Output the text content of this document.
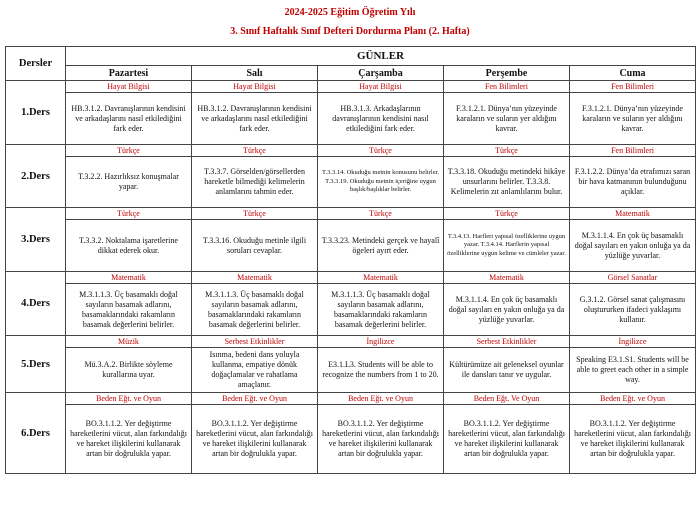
2024-2025 Eğitim Öğretim Yılı
3. Sınıf Haftalık Sınıf Defteri Dordurma Planı (2. Hafta)
Dersler	GÜNLER				
	Pazartesi	Salı	Çarşamba	Perşembe	Cuma
1.Ders	Hayat Bilgisi	Hayat Bilgisi	Hayat Bilgisi	Fen Bilimleri	Fen Bilimleri
	HB.3.1.2. Davranışlarının kendisini ve arkadaşlarını nasıl etkilediğini fark eder.	HB.3.1.2. Davranışlarının kendisini ve arkadaşlarını nasıl etkilediğini fark eder.	HB.3.1.3. Arkadaşlarının davranışlarının kendisini nasıl etkilediğini fark eder.	F.3.1.2.1. Dünya’nın yüzeyinde karaların ve suların yer aldığını kavrar.	F.3.1.2.1. Dünya’nın yüzeyinde karaların ve suların yer aldığını kavrar.
2.Ders	Türkçe	Türkçe	Türkçe	Türkçe	Fen Bilimleri
	T.3.2.2. Hazırlıksız konuşmalar yapar.	T.3.3.7. Görselden/görsellerden hareketle bilmediği kelimelerin anlamlarını tahmin eder.	T.3.3.14. Okuduğu metnin konusunu belirler. T.3.3.19. Okuduğu metnin içeriğine uygun başlık/başlıklar belirler.	T.3.3.18. Okuduğu metindeki hikâye unsurlarını belirler. T.3.3.8. Kelimelerin zıt anlamlılarını bulur.	F.3.1.2.2. Dünya’da etrafımızı saran bir hava katmanının bulunduğunu açıklar.
3.Ders	Türkçe	Türkçe	Türkçe	Türkçe	Matematik
	T.3.3.2. Noktalama işaretlerine dikkat ederek okur.	T.3.3.16. Okuduğu metinle ilgili soruları cevaplar.	T.3.3.23. Metindeki gerçek ve hayalî ögeleri ayırt eder.	T.3.4.13. Harfleri yapısal özelliklerine uygun yazar. T.3.4.14. Harflerin yapısal özelliklerine uygun kelime ve cümleler yazar.	M.3.1.1.4. En çok üç basamaklı doğal sayıları en yakın onluğa ya da yüzlüğe yuvarlar.
4.Ders	Matematik	Matematik	Matematik	Matematik	Görsel Sanatlar
	M.3.1.1.3. Üç basamaklı doğal sayıların basamak adlarını, basamaklarındaki rakamların basamak değerlerini belirler.	M.3.1.1.3. Üç basamaklı doğal sayıların basamak adlarını, basamaklarındaki rakamların basamak değerlerini belirler.	M.3.1.1.3. Üç basamaklı doğal sayıların basamak adlarını, basamaklarındaki rakamların basamak değerlerini belirler.	M.3.1.1.4. En çok üç basamaklı doğal sayıları en yakın onluğa ya da yüzlüğe yuvarlar.	G.3.1.2. Görsel sanat çalışmasını oluştururken ifadeci yaklaşımı kullanır.
5.Ders	Müzik	Serbest Etkinlikler	İngilizce	Serbest Etkinlikler	İngilizce
	Mü.3.A.2. Birlikte söyleme kurallarına uyar.	Isınma, bedeni dans yoluyla kullanma, empatiye dönük doğaçlamalar ve rahatlama amaçlanır.	E3.1.L3. Students will be able to recognize the numbers from 1 to 20.	Kültürümüze ait geleneksel oyunlar ile dansları tanır ve uygular.	Speaking E3.1.S1. Students will be able to greet each other in a simple way.
6.Ders	Beden Eğt. ve Oyun	Beden Eğt. ve Oyun	Beden Eğt. ve Oyun	Beden Eğt. Ve Oyun	Beden Eğt. ve Oyun
	BO.3.1.1.2. Yer değiştirme hareketlerini vücut, alan farkındalığı ve hareket ilişkilerini kullanarak artan bir doğrulukla yapar.	BO.3.1.1.2. Yer değiştirme hareketlerini vücut, alan farkındalığı ve hareket ilişkilerini kullanarak artan bir doğrulukla yapar.	BO.3.1.1.2. Yer değiştirme hareketlerini vücut, alan farkındalığı ve hareket ilişkilerini kullanarak artan bir doğrulukla yapar.	BO.3.1.1.2. Yer değiştirme hareketlerini vücut, alan farkındalığı ve hareket ilişkilerini kullanarak artan bir doğrulukla yapar.	BO.3.1.1.2. Yer değiştirme hareketlerini vücut, alan farkındalığı ve hareket ilişkilerini kullanarak artan bir doğrulukla yapar.
